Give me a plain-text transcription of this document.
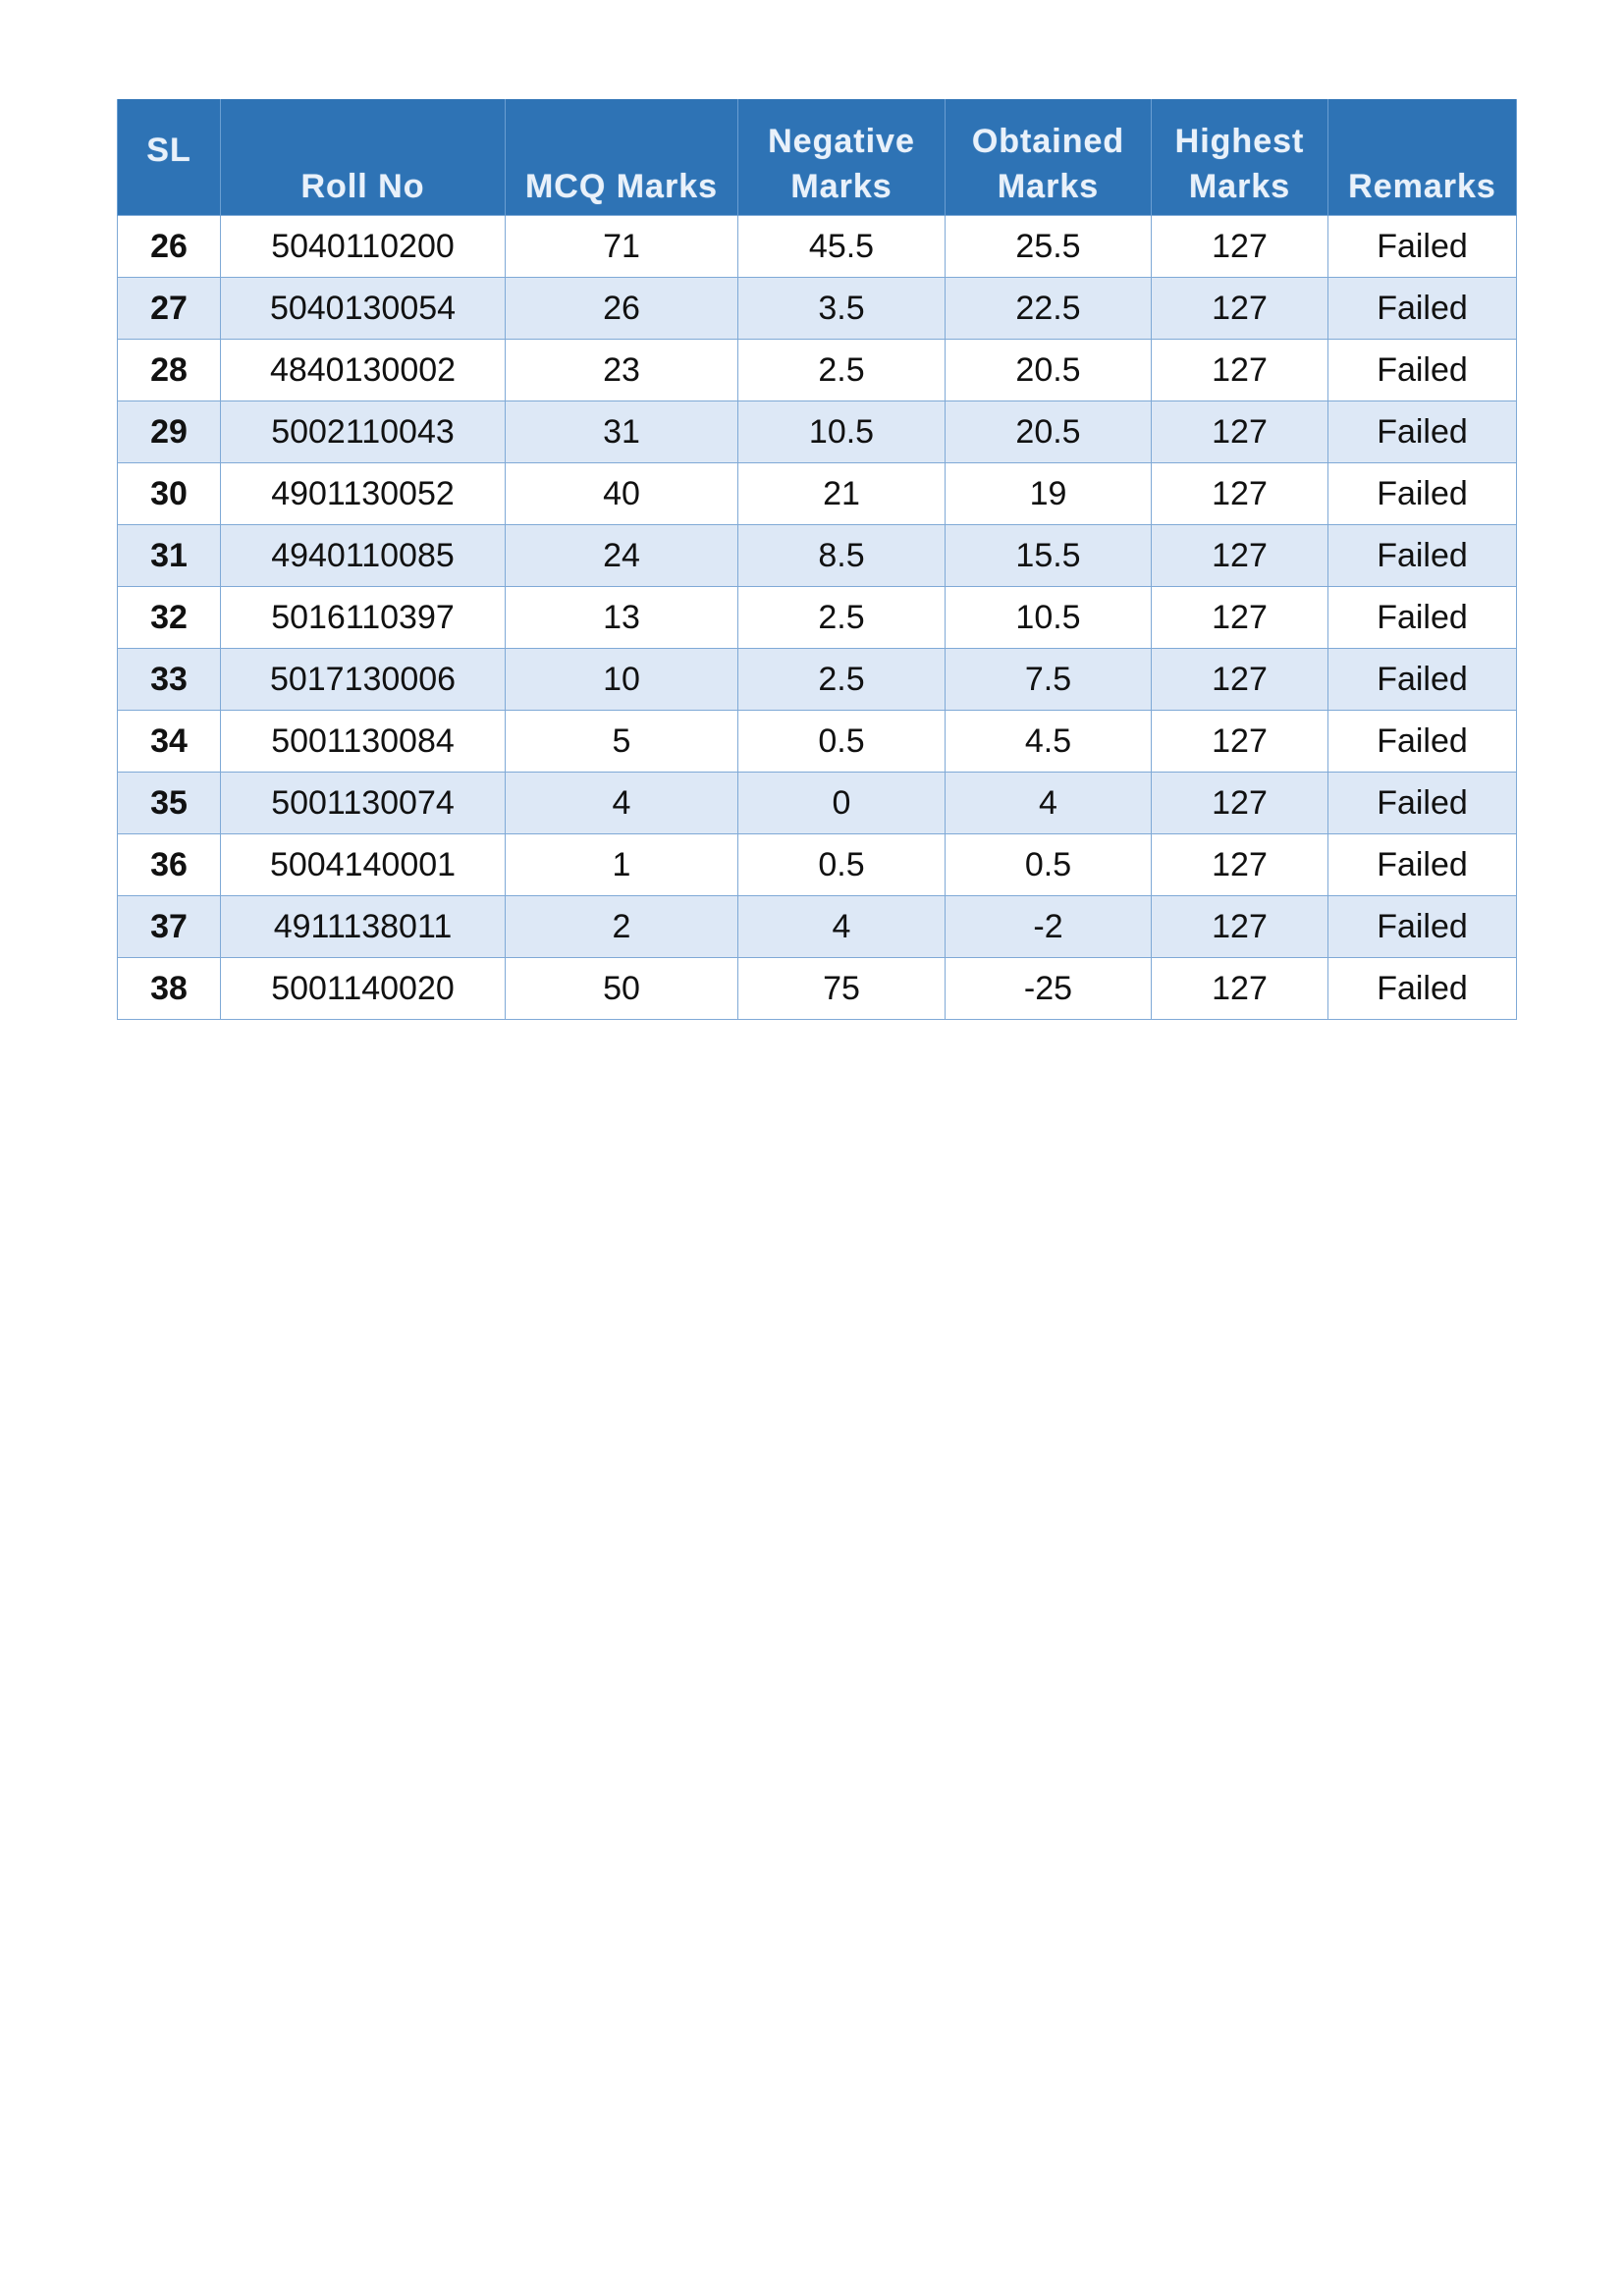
SL	Roll No	MCQ Marks	Negative Marks	Obtained Marks	Highest Marks	Remarks
26	5040110200	71	45.5	25.5	127	Failed
27	5040130054	26	3.5	22.5	127	Failed
28	4840130002	23	2.5	20.5	127	Failed
29	5002110043	31	10.5	20.5	127	Failed
30	4901130052	40	21	19	127	Failed
31	4940110085	24	8.5	15.5	127	Failed
32	5016110397	13	2.5	10.5	127	Failed
33	5017130006	10	2.5	7.5	127	Failed
34	5001130084	5	0.5	4.5	127	Failed
35	5001130074	4	0	4	127	Failed
36	5004140001	1	0.5	0.5	127	Failed
37	4911138011	2	4	-2	127	Failed
38	5001140020	50	75	-25	127	Failed
